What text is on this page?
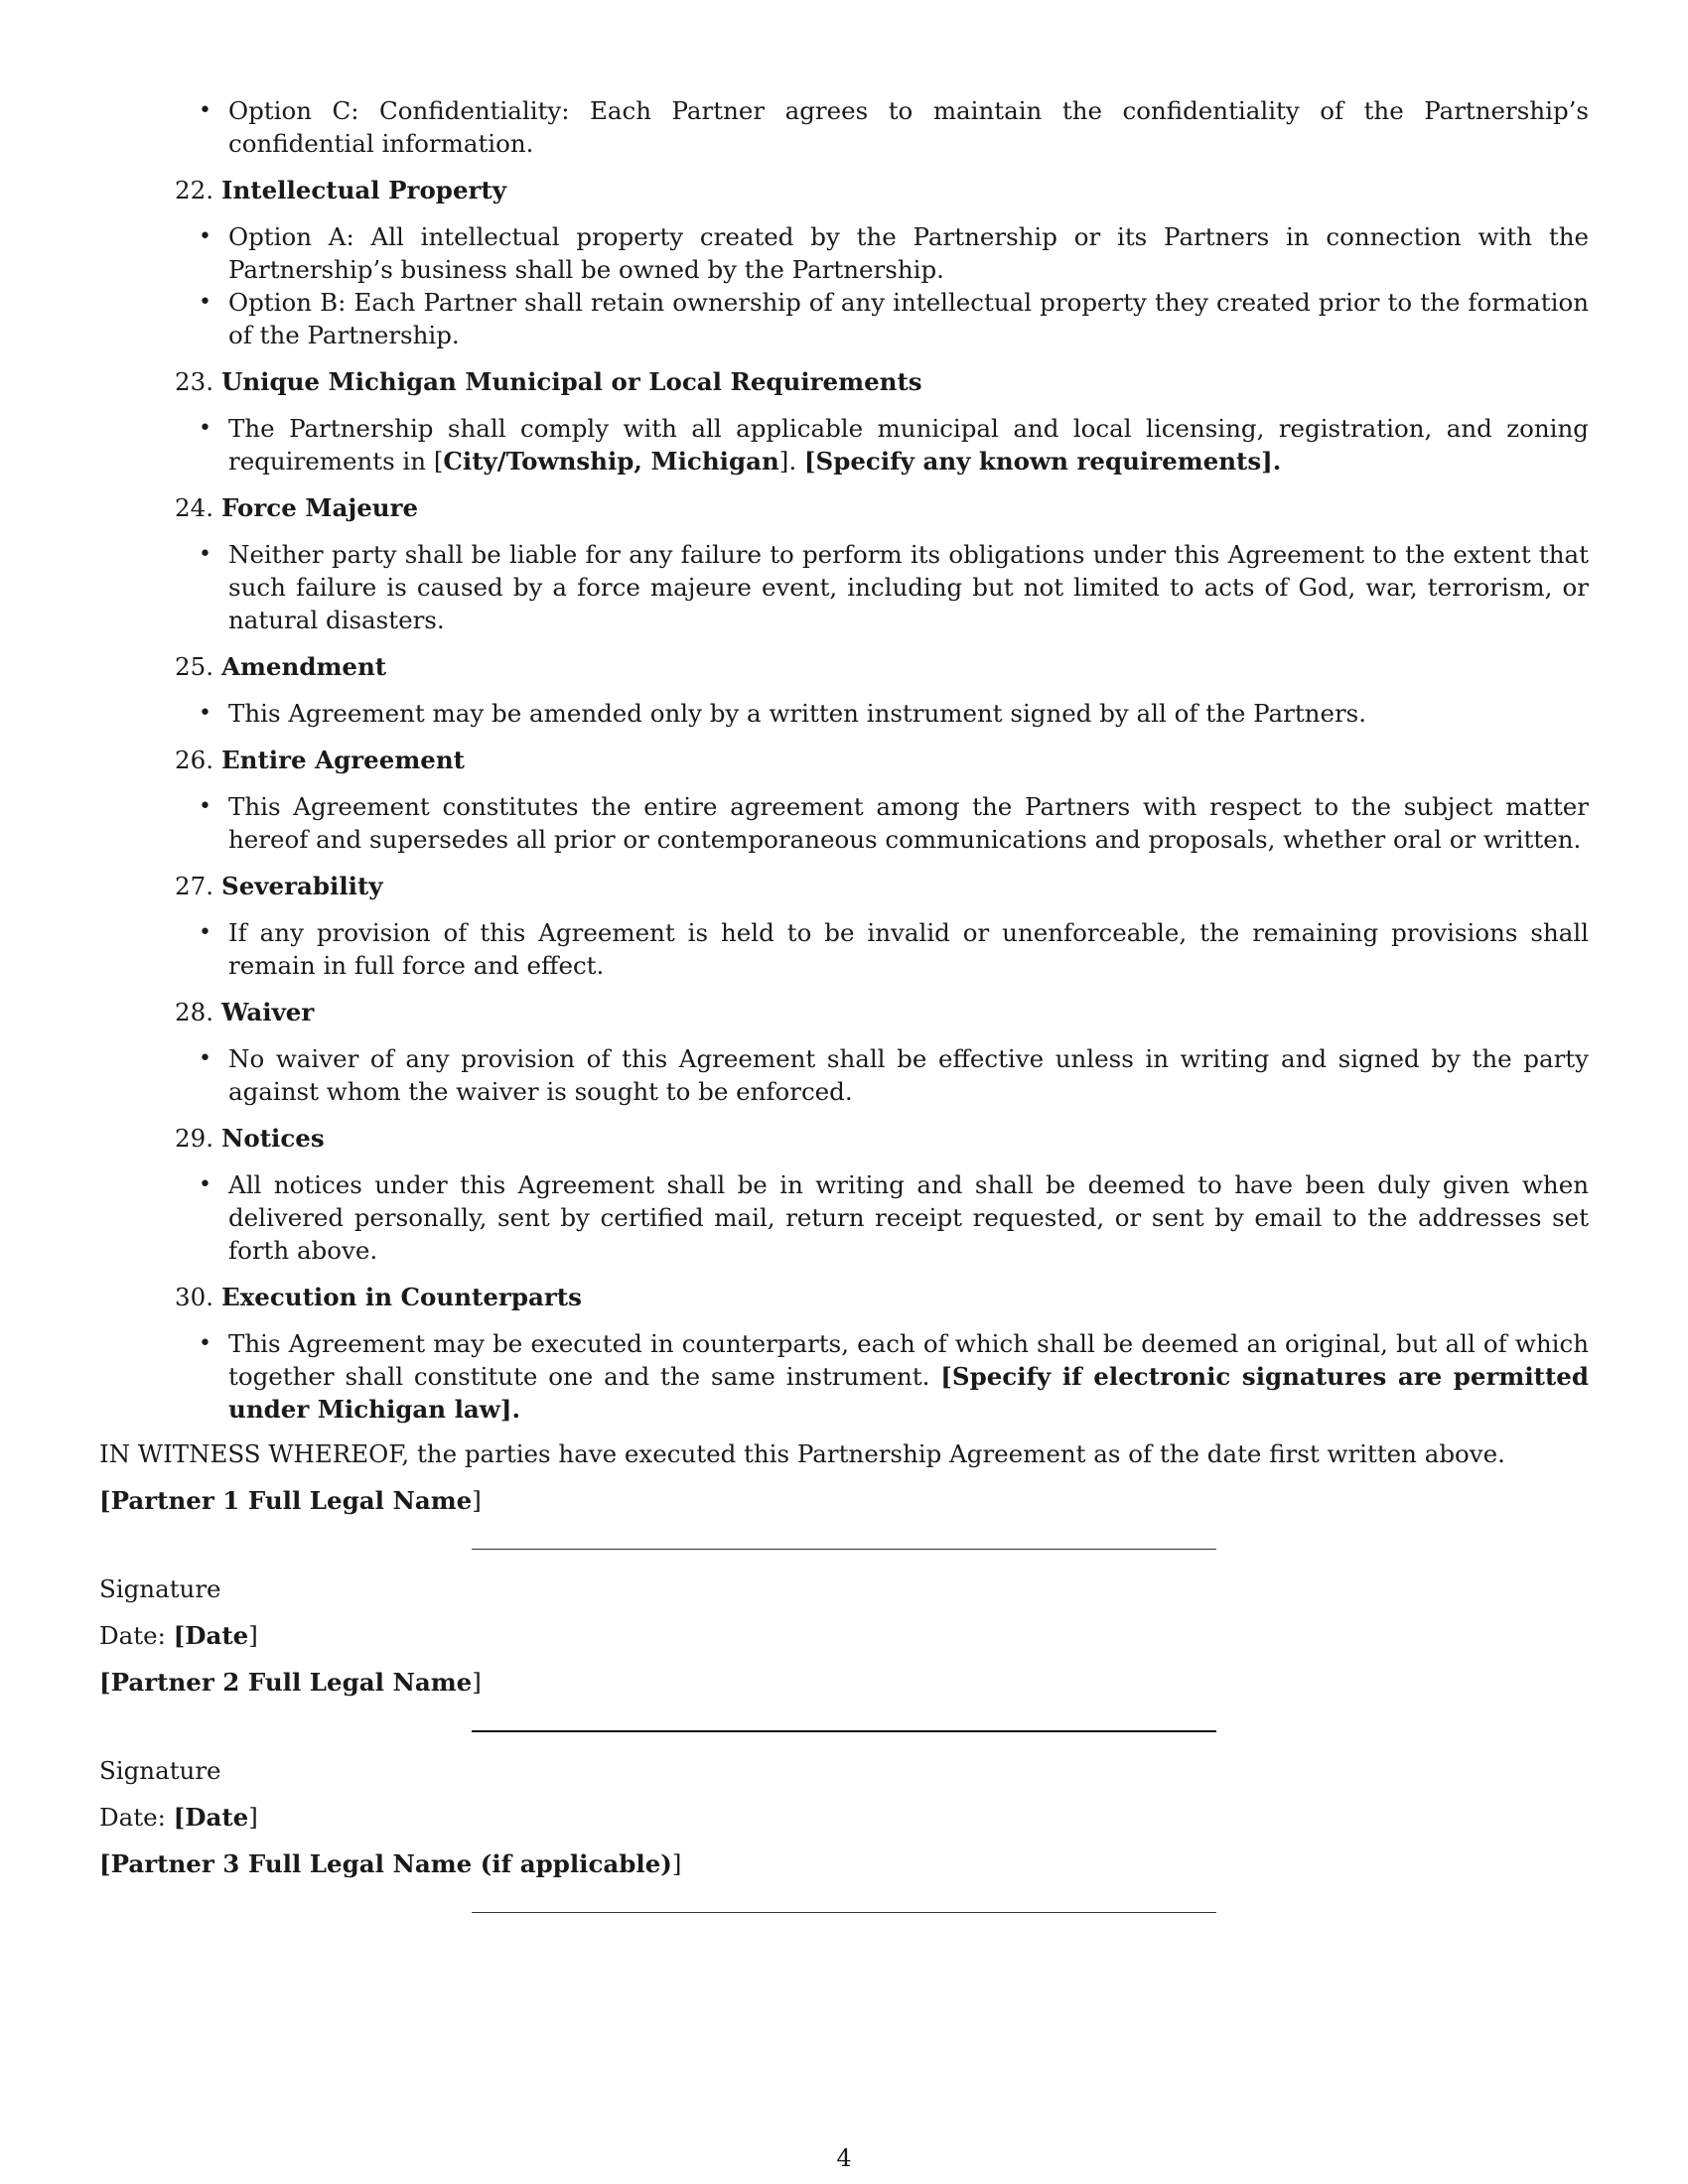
• Option C: Confidentiality: Each Partner agrees to maintain the confidentiality of the Partnership’s confidential information.
22. Intellectual Property
• Option A: All intellectual property created by the Partnership or its Partners in connection with the Partnership’s business shall be owned by the Partnership.
• Option B: Each Partner shall retain ownership of any intellectual property they created prior to the formation of the Partnership.
23. Unique Michigan Municipal or Local Requirements
• The Partnership shall comply with all applicable municipal and local licensing, registration, and zoning requirements in [City/Township, Michigan]. [Specify any known requirements].
24. Force Majeure
• Neither party shall be liable for any failure to perform its obligations under this Agreement to the extent that such failure is caused by a force majeure event, including but not limited to acts of God, war, terrorism, or natural disasters.
25. Amendment
• This Agreement may be amended only by a written instrument signed by all of the Partners.
26. Entire Agreement
• This Agreement constitutes the entire agreement among the Partners with respect to the subject matter hereof and supersedes all prior or contemporaneous communications and proposals, whether oral or written.
27. Severability
• If any provision of this Agreement is held to be invalid or unenforceable, the remaining provisions shall remain in full force and effect.
28. Waiver
• No waiver of any provision of this Agreement shall be effective unless in writing and signed by the party against whom the waiver is sought to be enforced.
29. Notices
• All notices under this Agreement shall be in writing and shall be deemed to have been duly given when delivered personally, sent by certified mail, return receipt requested, or sent by email to the addresses set forth above.
30. Execution in Counterparts
• This Agreement may be executed in counterparts, each of which shall be deemed an original, but all of which together shall constitute one and the same instrument. [Specify if electronic signatures are permitted under Michigan law].
IN WITNESS WHEREOF, the parties have executed this Partnership Agreement as of the date first written above.
[Partner 1 Full Legal Name]
Signature
Date: [Date]
[Partner 2 Full Legal Name]
Signature
Date: [Date]
[Partner 3 Full Legal Name (if applicable)]
4
